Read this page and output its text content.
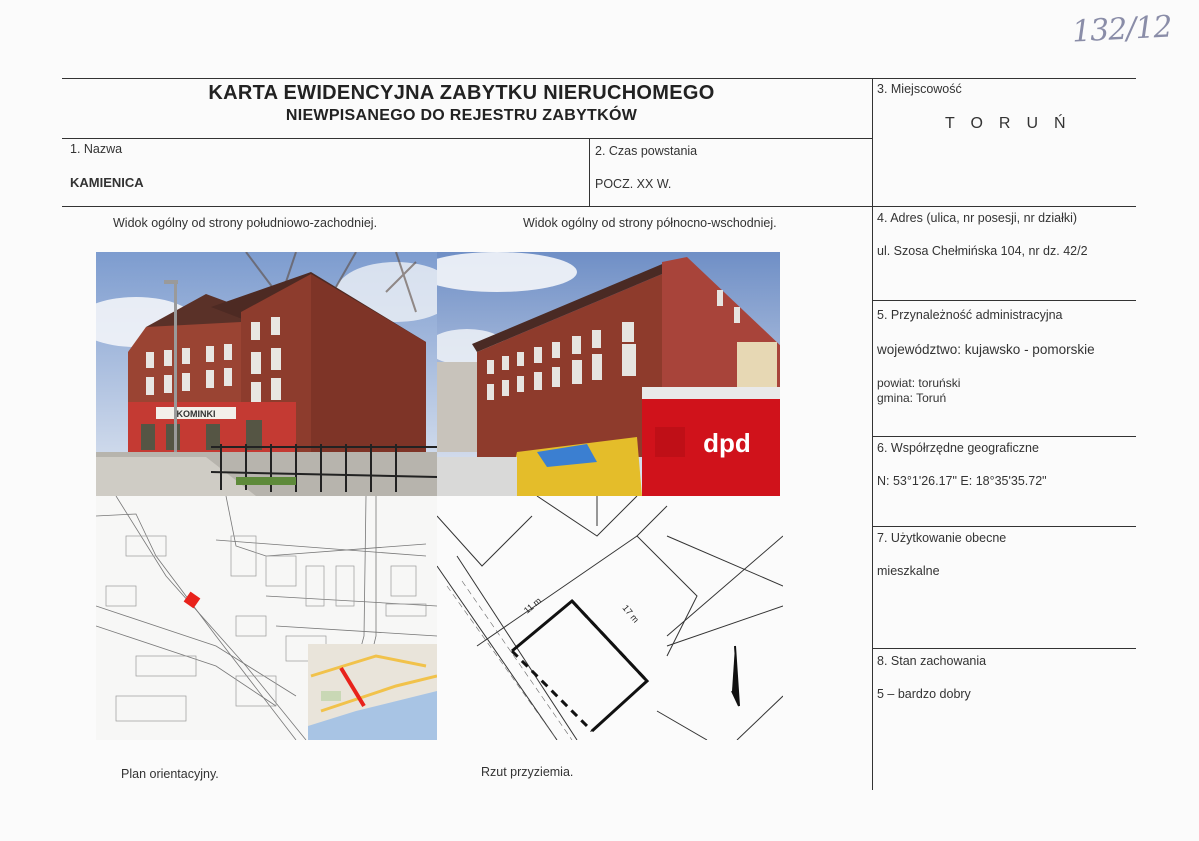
132/12
KARTA EWIDENCYJNA ZABYTKU NIERUCHOMEGO
NIEWPISANEGO DO REJESTRU ZABYTKÓW
1. Nazwa
KAMIENICA
2. Czas powstania
POCZ. XX W.
3. Miejscowość
TORUŃ
4. Adres (ulica, nr posesji, nr działki)
ul. Szosa Chełmińska 104, nr dz. 42/2
5. Przynależność administracyjna
województwo: kujawsko - pomorskie
powiat: toruński
gmina: Toruń
6. Współrzędne geograficzne
N: 53°1'26.17" E: 18°35'35.72"
7. Użytkowanie obecne
mieszkalne
8. Stan zachowania
5 – bardzo dobry
Widok ogólny od strony południowo-zachodniej.	Widok ogólny od strony północno-wschodniej.
KOMINKI
dpd
11 m	17 m
Plan orientacyjny.	Rzut przyziemia.
